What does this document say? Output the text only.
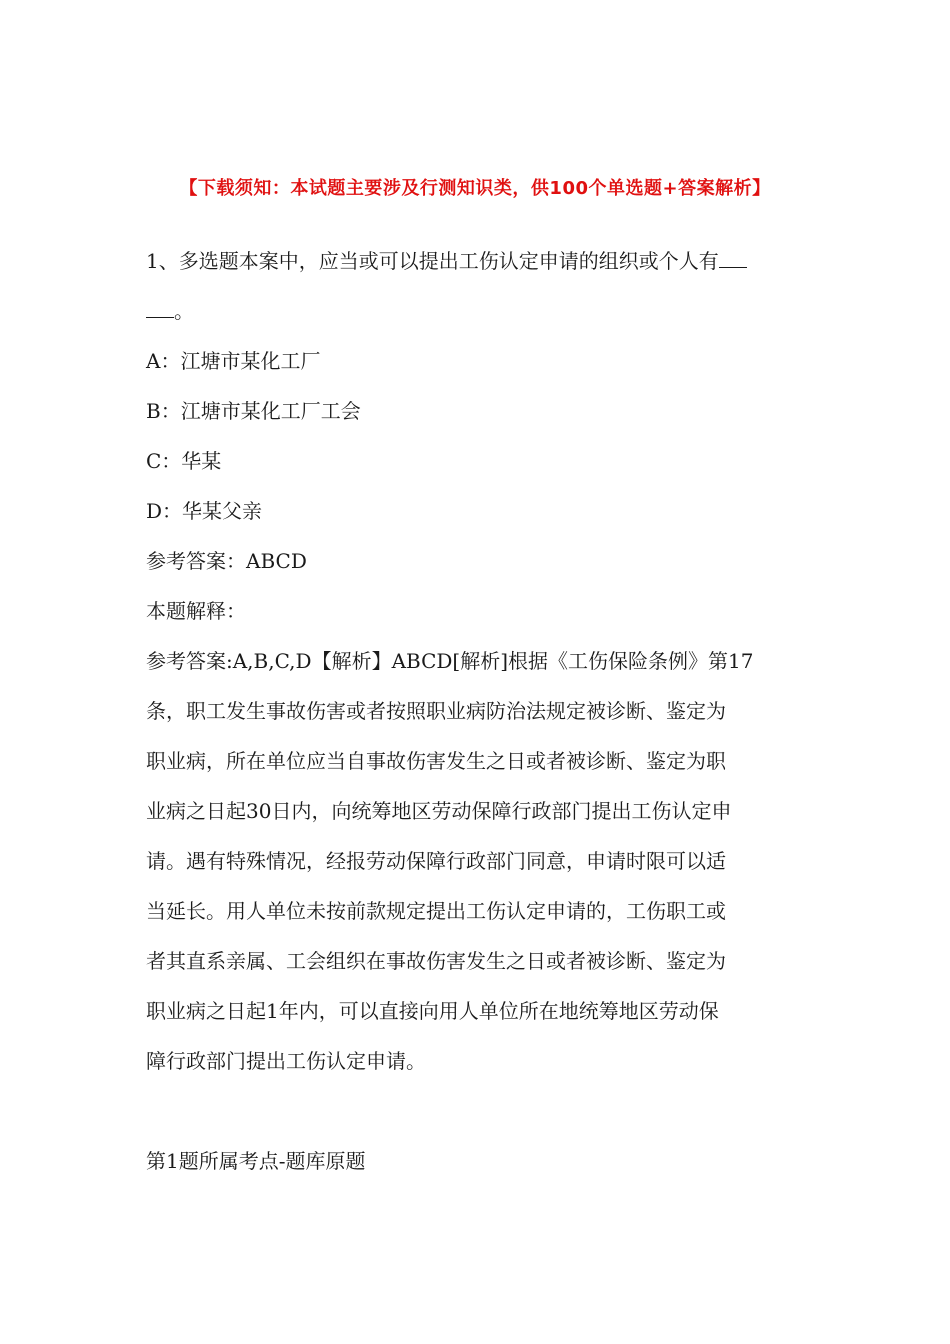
【下载须知：本试题主要涉及行测知识类，供100个单选题+答案解析】

1、多选题本案中，应当或可以提出工伤认定申请的组织或个人有

。

A：江塘市某化工厂

B：江塘市某化工厂工会

C：华某

D：华某父亲

参考答案：ABCD

本题解释：

参考答案:A,B,C,D【解析】ABCD[解析]根据《工伤保险条例》第17

条，职工发生事故伤害或者按照职业病防治法规定被诊断、鉴定为

职业病，所在单位应当自事故伤害发生之日或者被诊断、鉴定为职

业病之日起30日内，向统筹地区劳动保障行政部门提出工伤认定申

请。遇有特殊情况，经报劳动保障行政部门同意，申请时限可以适

当延长。用人单位未按前款规定提出工伤认定申请的，工伤职工或

者其直系亲属、工会组织在事故伤害发生之日或者被诊断、鉴定为

职业病之日起1年内，可以直接向用人单位所在地统筹地区劳动保

障行政部门提出工伤认定申请。

第1题所属考点-题库原题
